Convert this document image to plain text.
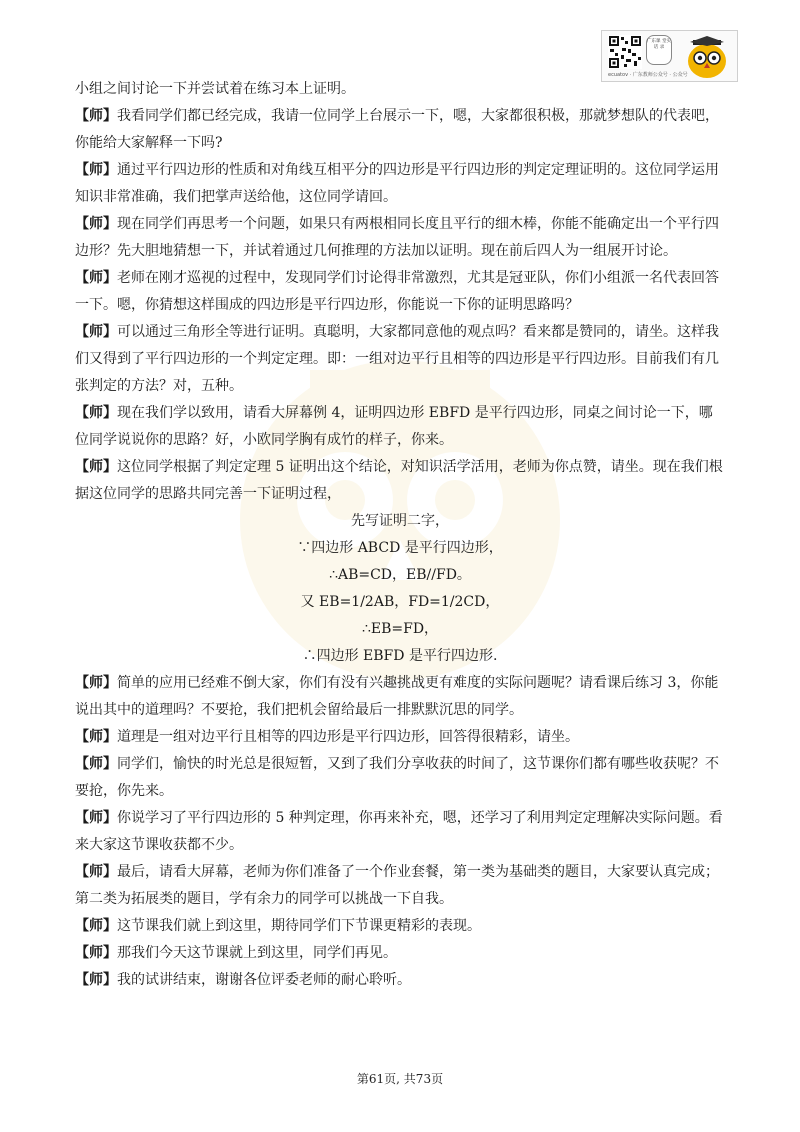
ecuatov · 广东教师公众号 · 公众号
广东课 堂实话 录

小组之间讨论一下并尝试着在练习本上证明。

【师】我看同学们都已经完成，我请一位同学上台展示一下，嗯，大家都很积极，那就梦想队的代表吧，你能给大家解释一下吗?

【师】通过平行四边形的性质和对角线互相平分的四边形是平行四边形的判定定理证明的。这位同学运用知识非常准确，我们把掌声送给他，这位同学请回。

【师】现在同学们再思考一个问题，如果只有两根相同长度且平行的细木棒，你能不能确定出一个平行四边形？先大胆地猜想一下，并试着通过几何推理的方法加以证明。现在前后四人为一组展开讨论。

【师】老师在刚才巡视的过程中，发现同学们讨论得非常激烈，尤其是冠亚队，你们小组派一名代表回答一下。嗯，你猜想这样围成的四边形是平行四边形，你能说一下你的证明思路吗？

【师】可以通过三角形全等进行证明。真聪明，大家都同意他的观点吗？看来都是赞同的，请坐。这样我们又得到了平行四边形的一个判定定理。即：一组对边平行且相等的四边形是平行四边形。目前我们有几张判定的方法？对，五种。

【师】现在我们学以致用，请看大屏幕例 4，证明四边形 EBFD 是平行四边形，同桌之间讨论一下，哪位同学说说你的思路？好，小欧同学胸有成竹的样子，你来。

【师】这位同学根据了判定定理 5 证明出这个结论，对知识活学活用，老师为你点赞，请坐。现在我们根据这位同学的思路共同完善一下证明过程，

先写证明二字，

∵四边形 ABCD 是平行四边形，

∴AB=CD，EB//FD。

又 EB=1/2AB，FD=1/2CD，

∴EB=FD，

∴四边形 EBFD 是平行四边形.

【师】简单的应用已经难不倒大家，你们有没有兴趣挑战更有难度的实际问题呢？请看课后练习 3，你能说出其中的道理吗？不要抢，我们把机会留给最后一排默默沉思的同学。

【师】道理是一组对边平行且相等的四边形是平行四边形，回答得很精彩，请坐。

【师】同学们，愉快的时光总是很短暂，又到了我们分享收获的时间了，这节课你们都有哪些收获呢？不要抢，你先来。

【师】你说学习了平行四边形的 5 种判定理，你再来补充，嗯，还学习了利用判定定理解决实际问题。看来大家这节课收获都不少。

【师】最后，请看大屏幕，老师为你们准备了一个作业套餐，第一类为基础类的题目，大家要认真完成；第二类为拓展类的题目，学有余力的同学可以挑战一下自我。

【师】这节课我们就上到这里，期待同学们下节课更精彩的表现。

【师】那我们今天这节课就上到这里，同学们再见。

【师】我的试讲结束，谢谢各位评委老师的耐心聆听。

第61页, 共73页
